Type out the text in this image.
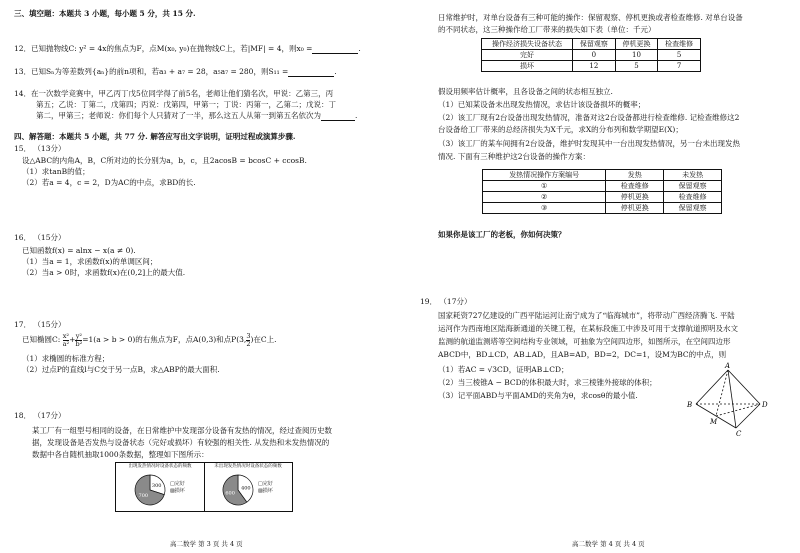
三、填空题：本题共 3 小题，每小题 5 分，共 15 分.
12．已知抛物线C: y² = 4x的焦点为F，点M(x₀, y₀)在抛物线C上，若|MF| = 4，则x₀ =	.
13．已知Sₙ为等差数列{aₙ}的前n项和，若a₃ + a₇ = 28，a₅a₇ = 280，则S₁₁ =	.
14．在一次数学竞赛中，甲乙丙丁戊5位同学得了前5名，老师让他们猜名次，甲说：乙第三，丙
第五；乙说：丁第二，戊第四；丙说：戊第四，甲第一；丁说：丙第一，乙第二；戊说：丁
第二，甲第三；老师说：你们每个人只猜对了一半，那么这五人从第一到第五名依次为	.
四、解答题：本题共 5 小题，共 77 分. 解答应写出文字说明，证明过程或演算步骤.
15． （13分）
设△ABC的内角A，B，C所对边的长分别为a，b，c，且2acosB = bcosC + ccosB.
（1）求tanB的值；
（2）若a = 4，c = 2，D为AC的中点，求BD的长.
16． （15分）
已知函数f(x) = alnx − x(a ≠ 0).
（1）当a = 1，求函数f(x)的单调区间；
（2）当a > 0时，求函数f(x)在(0,2]上的最大值.
17． （15分）
已知椭圆C: $\frac{\text{x²}}{\text{a²}} + \frac{\text{y²}}{\text{b²}} =1(a > b > 0)$的右焦点为F，点A(0,3)和点P(3, $\frac{3}{2}$ )在C上.
（1）求椭圆的标准方程；
（2）过点P的直线l与C交于另一点B，求△ABP的最大面积.
18． （17分）
某工厂有一组型号相同的设备，在日常维护中发现部分设备有发热的情况，经过查阅历史数
据，发现设备是否发热与设备状态（完好或损坏）有较强的相关性. 从发热和未发热情况的
数据中各自随机抽取1000条数据，整理如下图所示：
出现发热情况时设备状态的频数
300
700
□完好
▨损坏
未出现发热情况时设备状态的频数
400
600
□完好
▨损坏
高二数学 第 3 页 共 4 页
日常维护时，对单台设备有三种可能的操作：保留观察、停机更换或者检查维修. 对单台设备
的不同状态，这三种操作给工厂带来的损失如下表（单位：千元）
操作经济损失设备状态	保留观察	停机更换	检查维修
完好	0	10	5
损坏	12	5	7
假设用频率估计概率，且各设备之间的状态相互独立.
（1）已知某设备未出现发热情况，求估计该设备损坏的概率；
（2）该工厂现有2台设备出现发热情况，准备对这2台设备都进行检查维修. 记检查维修这2
台设备给工厂带来的总经济损失为X千元，求X的分布列和数学期望E(X)；
（3）该工厂的某车间拥有2台设备，维护时发现其中一台出现发热情况，另一台未出现发热
情况. 下面有三种维护这2台设备的操作方案：
发热情况操作方案编号	发热	未发热
①	检查维修	保留观察
②	停机更换	检查维修
③	停机更换	保留观察
如果你是该工厂的老板，你如何决策？
19． （17分）
国家耗资727亿建设的广西平陆运河让南宁成为了“临海城市”，将带动广西经济腾飞. 平陆
运河作为西南地区陆海新通道的关键工程，在某标段施工中涉及可用于支撑航道照明及水文
监测的航道监测塔等空间结构专业领域，可抽象为空间四边形，如图所示，在空间四边形
ABCD中，BD⊥CD，AB⊥AD，且AB=AD，BD=2，DC=1，设M为BC的中点，则
（1）若AC = √3CD，证明AB⊥CD；
（2）当三棱锥A − BCD的体积最大时，求三棱锥外接球的体积；
（3）记平面ABD与平面AMD的夹角为θ，求cosθ的最小值.
A
B
C
D
M
高二数学 第 4 页 共 4 页
